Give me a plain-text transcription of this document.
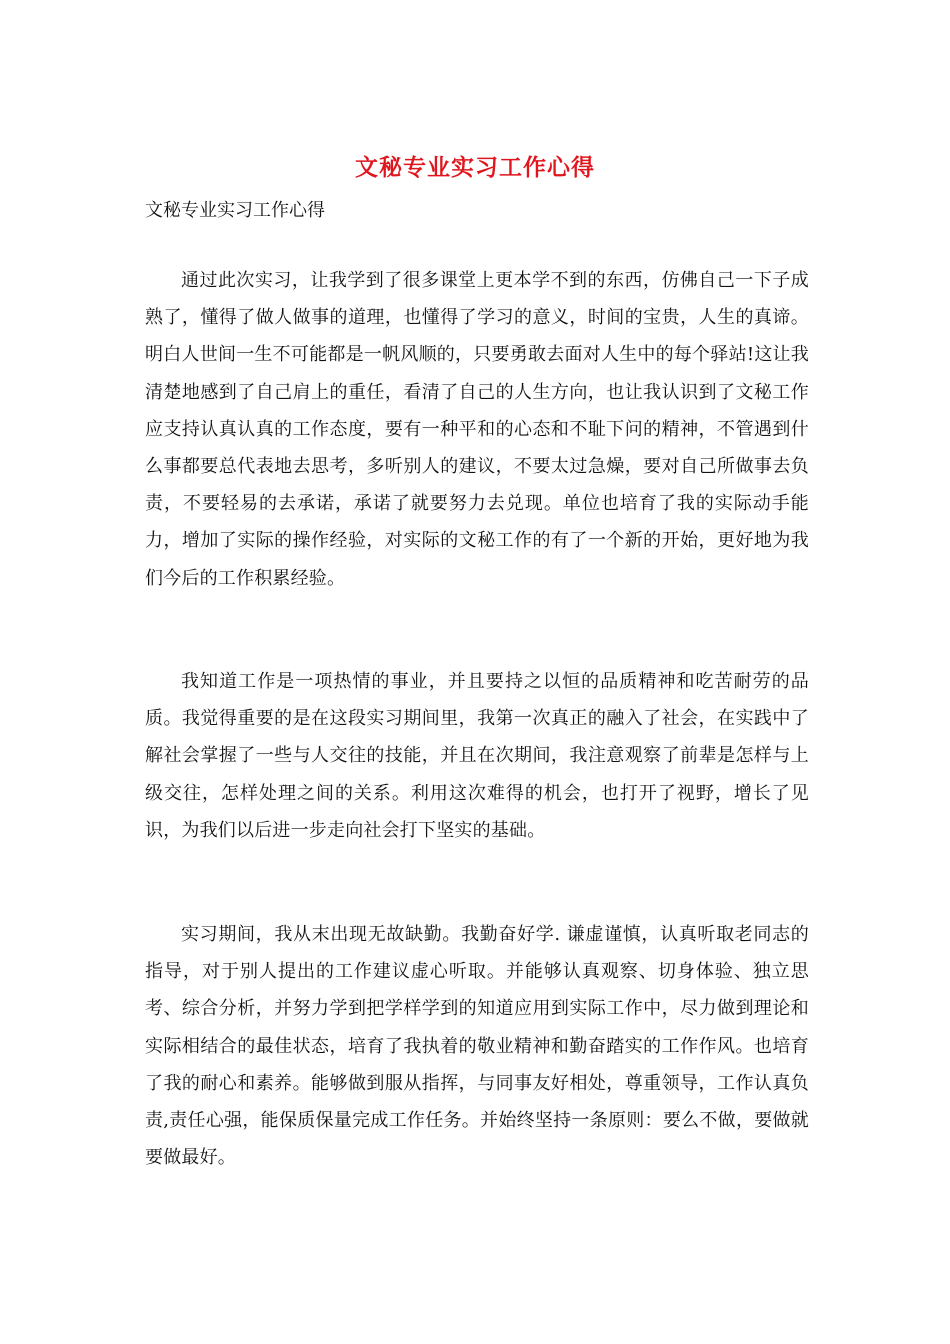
文秘专业实习工作心得

文秘专业实习工作心得

通过此次实习，让我学到了很多课堂上更本学不到的东西，仿佛自己一下子成熟了，懂得了做人做事的道理，也懂得了学习的意义，时间的宝贵，人生的真谛。明白人世间一生不可能都是一帆风顺的，只要勇敢去面对人生中的每个驿站!这让我清楚地感到了自己肩上的重任，看清了自己的人生方向，也让我认识到了文秘工作应支持认真认真的工作态度，要有一种平和的心态和不耻下问的精神，不管遇到什么事都要总代表地去思考，多听别人的建议，不要太过急燥，要对自己所做事去负责，不要轻易的去承诺，承诺了就要努力去兑现。单位也培育了我的实际动手能力，增加了实际的操作经验，对实际的文秘工作的有了一个新的开始，更好地为我们今后的工作积累经验。

我知道工作是一项热情的事业，并且要持之以恒的品质精神和吃苦耐劳的品质。我觉得重要的是在这段实习期间里，我第一次真正的融入了社会，在实践中了解社会掌握了一些与人交往的技能，并且在次期间，我注意观察了前辈是怎样与上级交往，怎样处理之间的关系。利用这次难得的机会，也打开了视野，增长了见识，为我们以后进一步走向社会打下坚实的基础。

实习期间，我从末出现无故缺勤。我勤奋好学. 谦虚谨慎，认真听取老同志的指导，对于别人提出的工作建议虚心听取。并能够认真观察、切身体验、独立思考、综合分析，并努力学到把学样学到的知道应用到实际工作中，尽力做到理论和实际相结合的最佳状态，培育了我执着的敬业精神和勤奋踏实的工作作风。也培育了我的耐心和素养。能够做到服从指挥，与同事友好相处，尊重领导，工作认真负责,责任心强，能保质保量完成工作任务。并始终坚持一条原则：要么不做，要做就要做最好。
